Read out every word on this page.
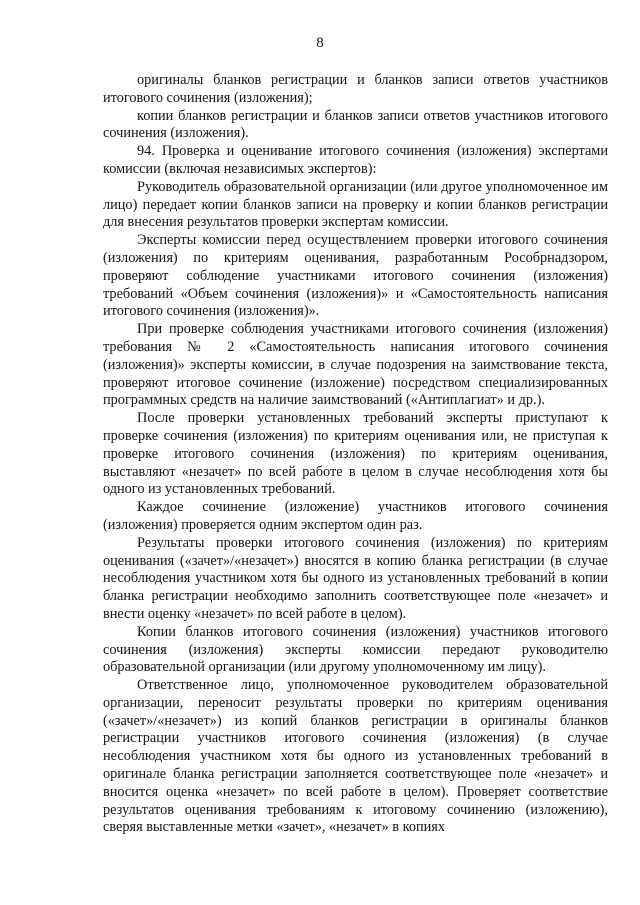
8

оригиналы бланков регистрации и бланков записи ответов участников итогового сочинения (изложения);

копии бланков регистрации и бланков записи ответов участников итогового сочинения (изложения).

94. Проверка и оценивание итогового сочинения (изложения) экспертами комиссии (включая независимых экспертов):

Руководитель образовательной организации (или другое уполномоченное им лицо) передает копии бланков записи на проверку и копии бланков регистрации для внесения результатов проверки экспертам комиссии.

Эксперты комиссии перед осуществлением проверки итогового сочинения (изложения) по критериям оценивания, разработанным Рособрнадзором, проверяют соблюдение участниками итогового сочинения (изложения) требований «Объем сочинения (изложения)» и «Самостоятельность написания итогового сочинения (изложения)».

При проверке соблюдения участниками итогового сочинения (изложения) требования № 2 «Самостоятельность написания итогового сочинения (изложения)» эксперты комиссии, в случае подозрения на заимствование текста, проверяют итоговое сочинение (изложение) посредством специализированных программных средств на наличие заимствований («Антиплагиат» и др.).

После проверки установленных требований эксперты приступают к проверке сочинения (изложения) по критериям оценивания или, не приступая к проверке итогового сочинения (изложения) по критериям оценивания, выставляют «незачет» по всей работе в целом в случае несоблюдения хотя бы одного из установленных требований.

Каждое сочинение (изложение) участников итогового сочинения (изложения) проверяется одним экспертом один раз.

Результаты проверки итогового сочинения (изложения) по критериям оценивания («зачет»/«незачет») вносятся в копию бланка регистрации (в случае несоблюдения участником хотя бы одного из установленных требований в копии бланка регистрации необходимо заполнить соответствующее поле «незачет» и внести оценку «незачет» по всей работе в целом).

Копии бланков итогового сочинения (изложения) участников итогового сочинения (изложения) эксперты комиссии передают руководителю образовательной организации (или другому уполномоченному им лицу).

Ответственное лицо, уполномоченное руководителем образовательной организации, переносит результаты проверки по критериям оценивания («зачет»/«незачет») из копий бланков регистрации в оригиналы бланков регистрации участников итогового сочинения (изложения) (в случае несоблюдения участником хотя бы одного из установленных требований в оригинале бланка регистрации заполняется соответствующее поле «незачет» и вносится оценка «незачет» по всей работе в целом). Проверяет соответствие результатов оценивания требованиям к итоговому сочинению (изложению), сверяя выставленные метки «зачет», «незачет» в копиях
